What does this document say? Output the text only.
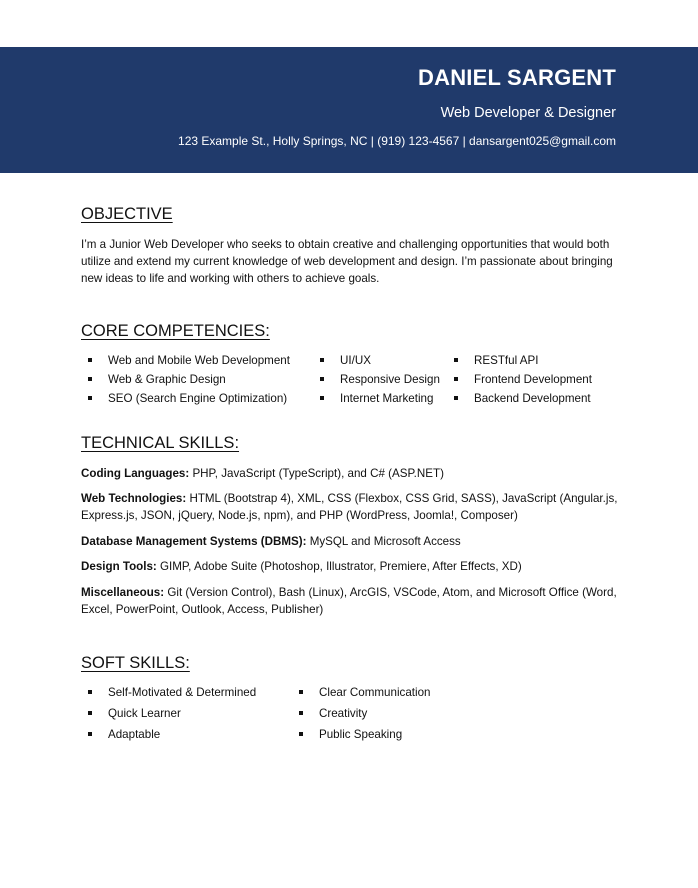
DANIEL SARGENT
Web Developer & Designer
123 Example St., Holly Springs, NC | (919) 123-4567 | dansargent025@gmail.com
OBJECTIVE
I’m a Junior Web Developer who seeks to obtain creative and challenging opportunities that would both utilize and extend my current knowledge of web development and design. I’m passionate about bringing new ideas to life and working with others to achieve goals.
CORE COMPETENCIES:
Web and Mobile Web Development
Web & Graphic Design
SEO (Search Engine Optimization)
UI/UX
Responsive Design
Internet Marketing
RESTful API
Frontend Development
Backend Development
TECHNICAL SKILLS:
Coding Languages: PHP, JavaScript (TypeScript), and C# (ASP.NET)
Web Technologies: HTML (Bootstrap 4), XML, CSS (Flexbox, CSS Grid, SASS), JavaScript (Angular.js, Express.js, JSON, jQuery, Node.js, npm), and PHP (WordPress, Joomla!, Composer)
Database Management Systems (DBMS): MySQL and Microsoft Access
Design Tools: GIMP, Adobe Suite (Photoshop, Illustrator, Premiere, After Effects, XD)
Miscellaneous: Git (Version Control), Bash (Linux), ArcGIS, VSCode, Atom, and Microsoft Office (Word, Excel, PowerPoint, Outlook, Access, Publisher)
SOFT SKILLS:
Self-Motivated & Determined
Quick Learner
Adaptable
Clear Communication
Creativity
Public Speaking
